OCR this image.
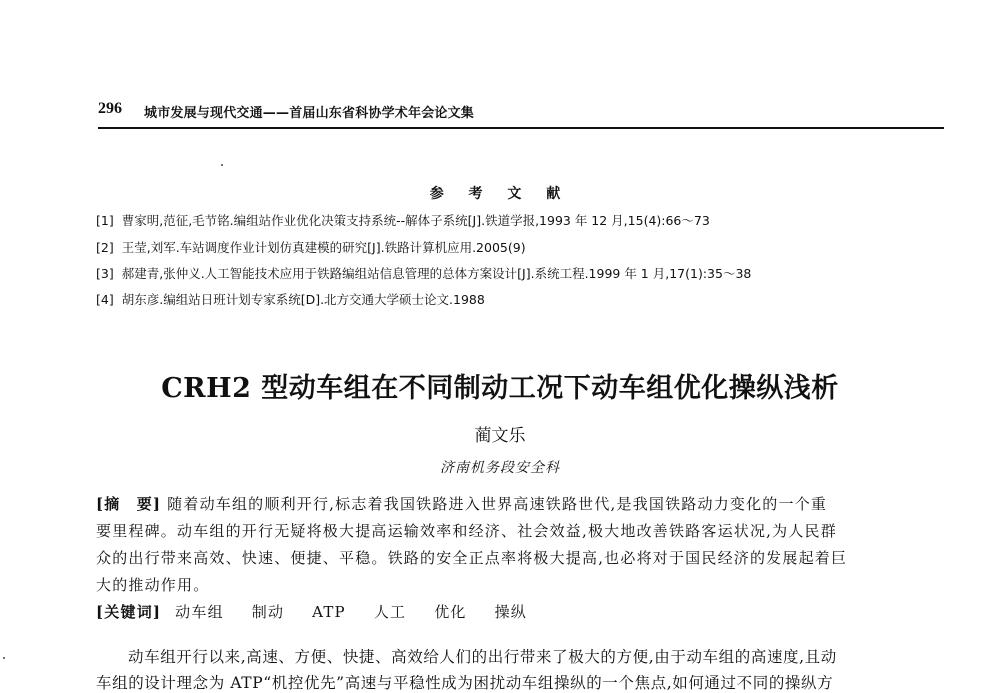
296 城市发展与现代交通——首届山东省科协学术年会论文集
参 考 文 献
[1] 曹家明,范征,毛节铭.编组站作业优化决策支持系统--解体子系统[J].铁道学报,1993 年 12 月,15(4):66～73
[2] 王莹,刘军.车站调度作业计划仿真建模的研究[J].铁路计算机应用.2005(9)
[3] 郝建青,张仲义.人工智能技术应用于铁路编组站信息管理的总体方案设计[J].系统工程.1999 年 1 月,17(1):35～38
[4] 胡东彦.编组站日班计划专家系统[D].北方交通大学硕士论文.1988
CRH2 型动车组在不同制动工况下动车组优化操纵浅析
蔺文乐
济南机务段安全科
[摘　要] 随着动车组的顺利开行,标志着我国铁路进入世界高速铁路世代,是我国铁路动力变化的一个重
要里程碑。动车组的开行无疑将极大提高运输效率和经济、社会效益,极大地改善铁路客运状况,为人民群
众的出行带来高效、快速、便捷、平稳。铁路的安全正点率将极大提高,也必将对于国民经济的发展起着巨
大的推动作用。
[关键词] 动车组 制动 ATP 人工 优化 操纵
动车组开行以来,高速、方便、快捷、高效给人们的出行带来了极大的方便,由于动车组的高速度,且动
车组的设计理念为 ATP“机控优先”高速与平稳性成为困扰动车组操纵的一个焦点,如何通过不同的操纵方
